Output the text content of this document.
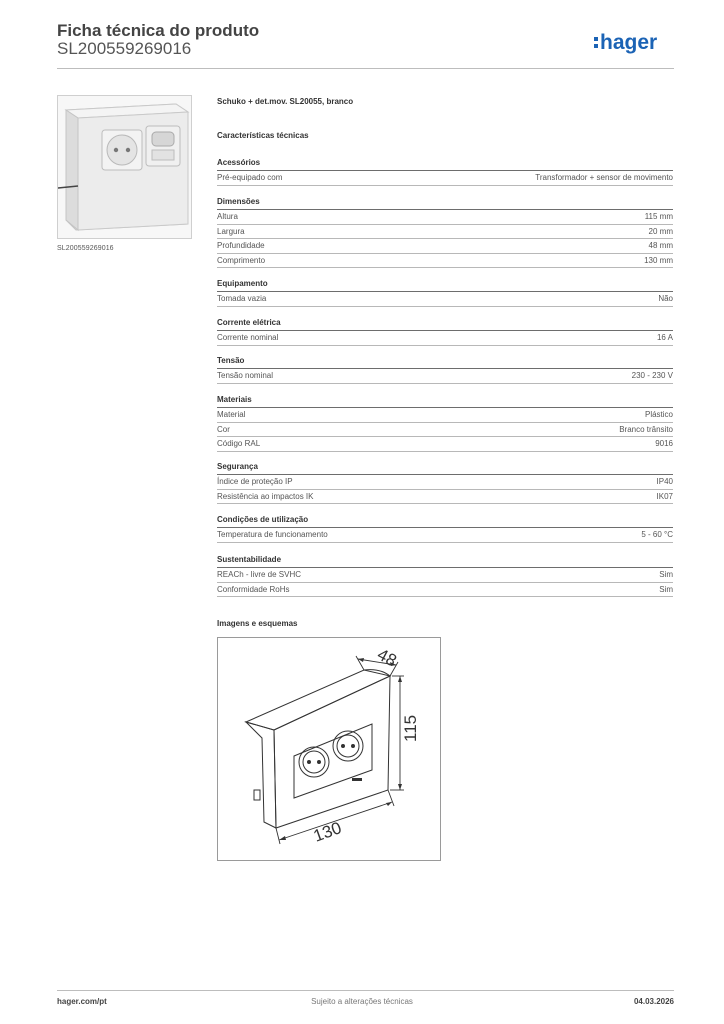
Ficha técnica do produto
SL200559269016	hager
SL200559269016
Schuko + det.mov. SL20055, branco
Características técnicas
Acessórios
Pré-equipado com	Transformador + sensor de movimento
Dimensões
Altura	115 mm
Largura	20 mm
Profundidade	48 mm
Comprimento	130 mm
Equipamento
Tomada vazia	Não
Corrente elétrica
Corrente nominal	16 A
Tensão
Tensão nominal	230 - 230 V
Materiais
Material	Plástico
Cor	Branco trânsito
Código RAL	9016
Segurança
Índice de proteção IP	IP40
Resistência ao impactos IK	IK07
Condições de utilização
Temperatura de funcionamento	5 - 60 °C
Sustentabilidade
REACh - livre de SVHC	Sim
Conformidade RoHs	Sim
Imagens e esquemas
48
115
130
hager.com/pt	Sujeito a alterações técnicas	04.03.2026
